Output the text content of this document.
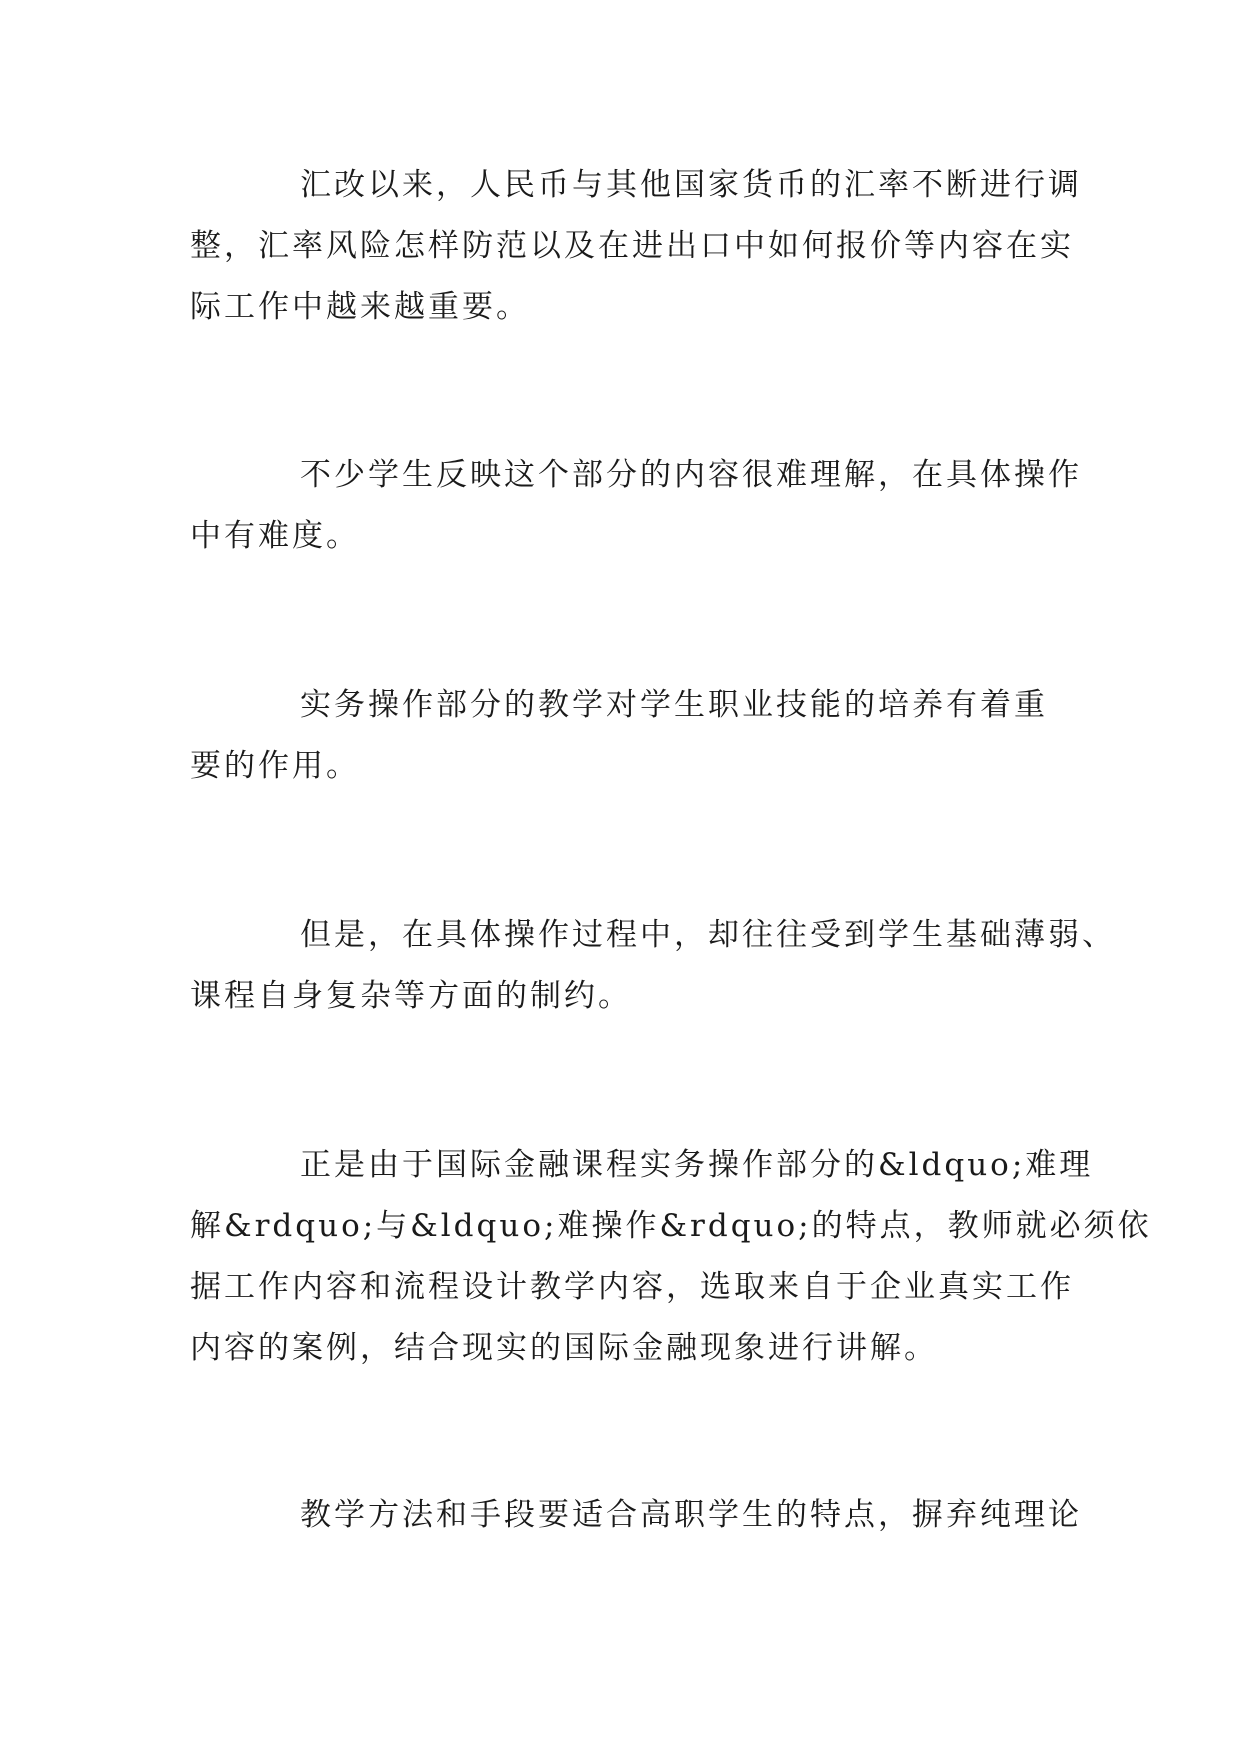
汇改以来，人民币与其他国家货币的汇率不断进行调
整，汇率风险怎样防范以及在进出口中如何报价等内容在实
际工作中越来越重要。

不少学生反映这个部分的内容很难理解，在具体操作
中有难度。

实务操作部分的教学对学生职业技能的培养有着重
要的作用。

但是，在具体操作过程中，却往往受到学生基础薄弱、
课程自身复杂等方面的制约。

正是由于国际金融课程实务操作部分的&ldquo;难理
解&rdquo;与&ldquo;难操作&rdquo;的特点，教师就必须依
据工作内容和流程设计教学内容，选取来自于企业真实工作
内容的案例，结合现实的国际金融现象进行讲解。

教学方法和手段要适合高职学生的特点，摒弃纯理论
